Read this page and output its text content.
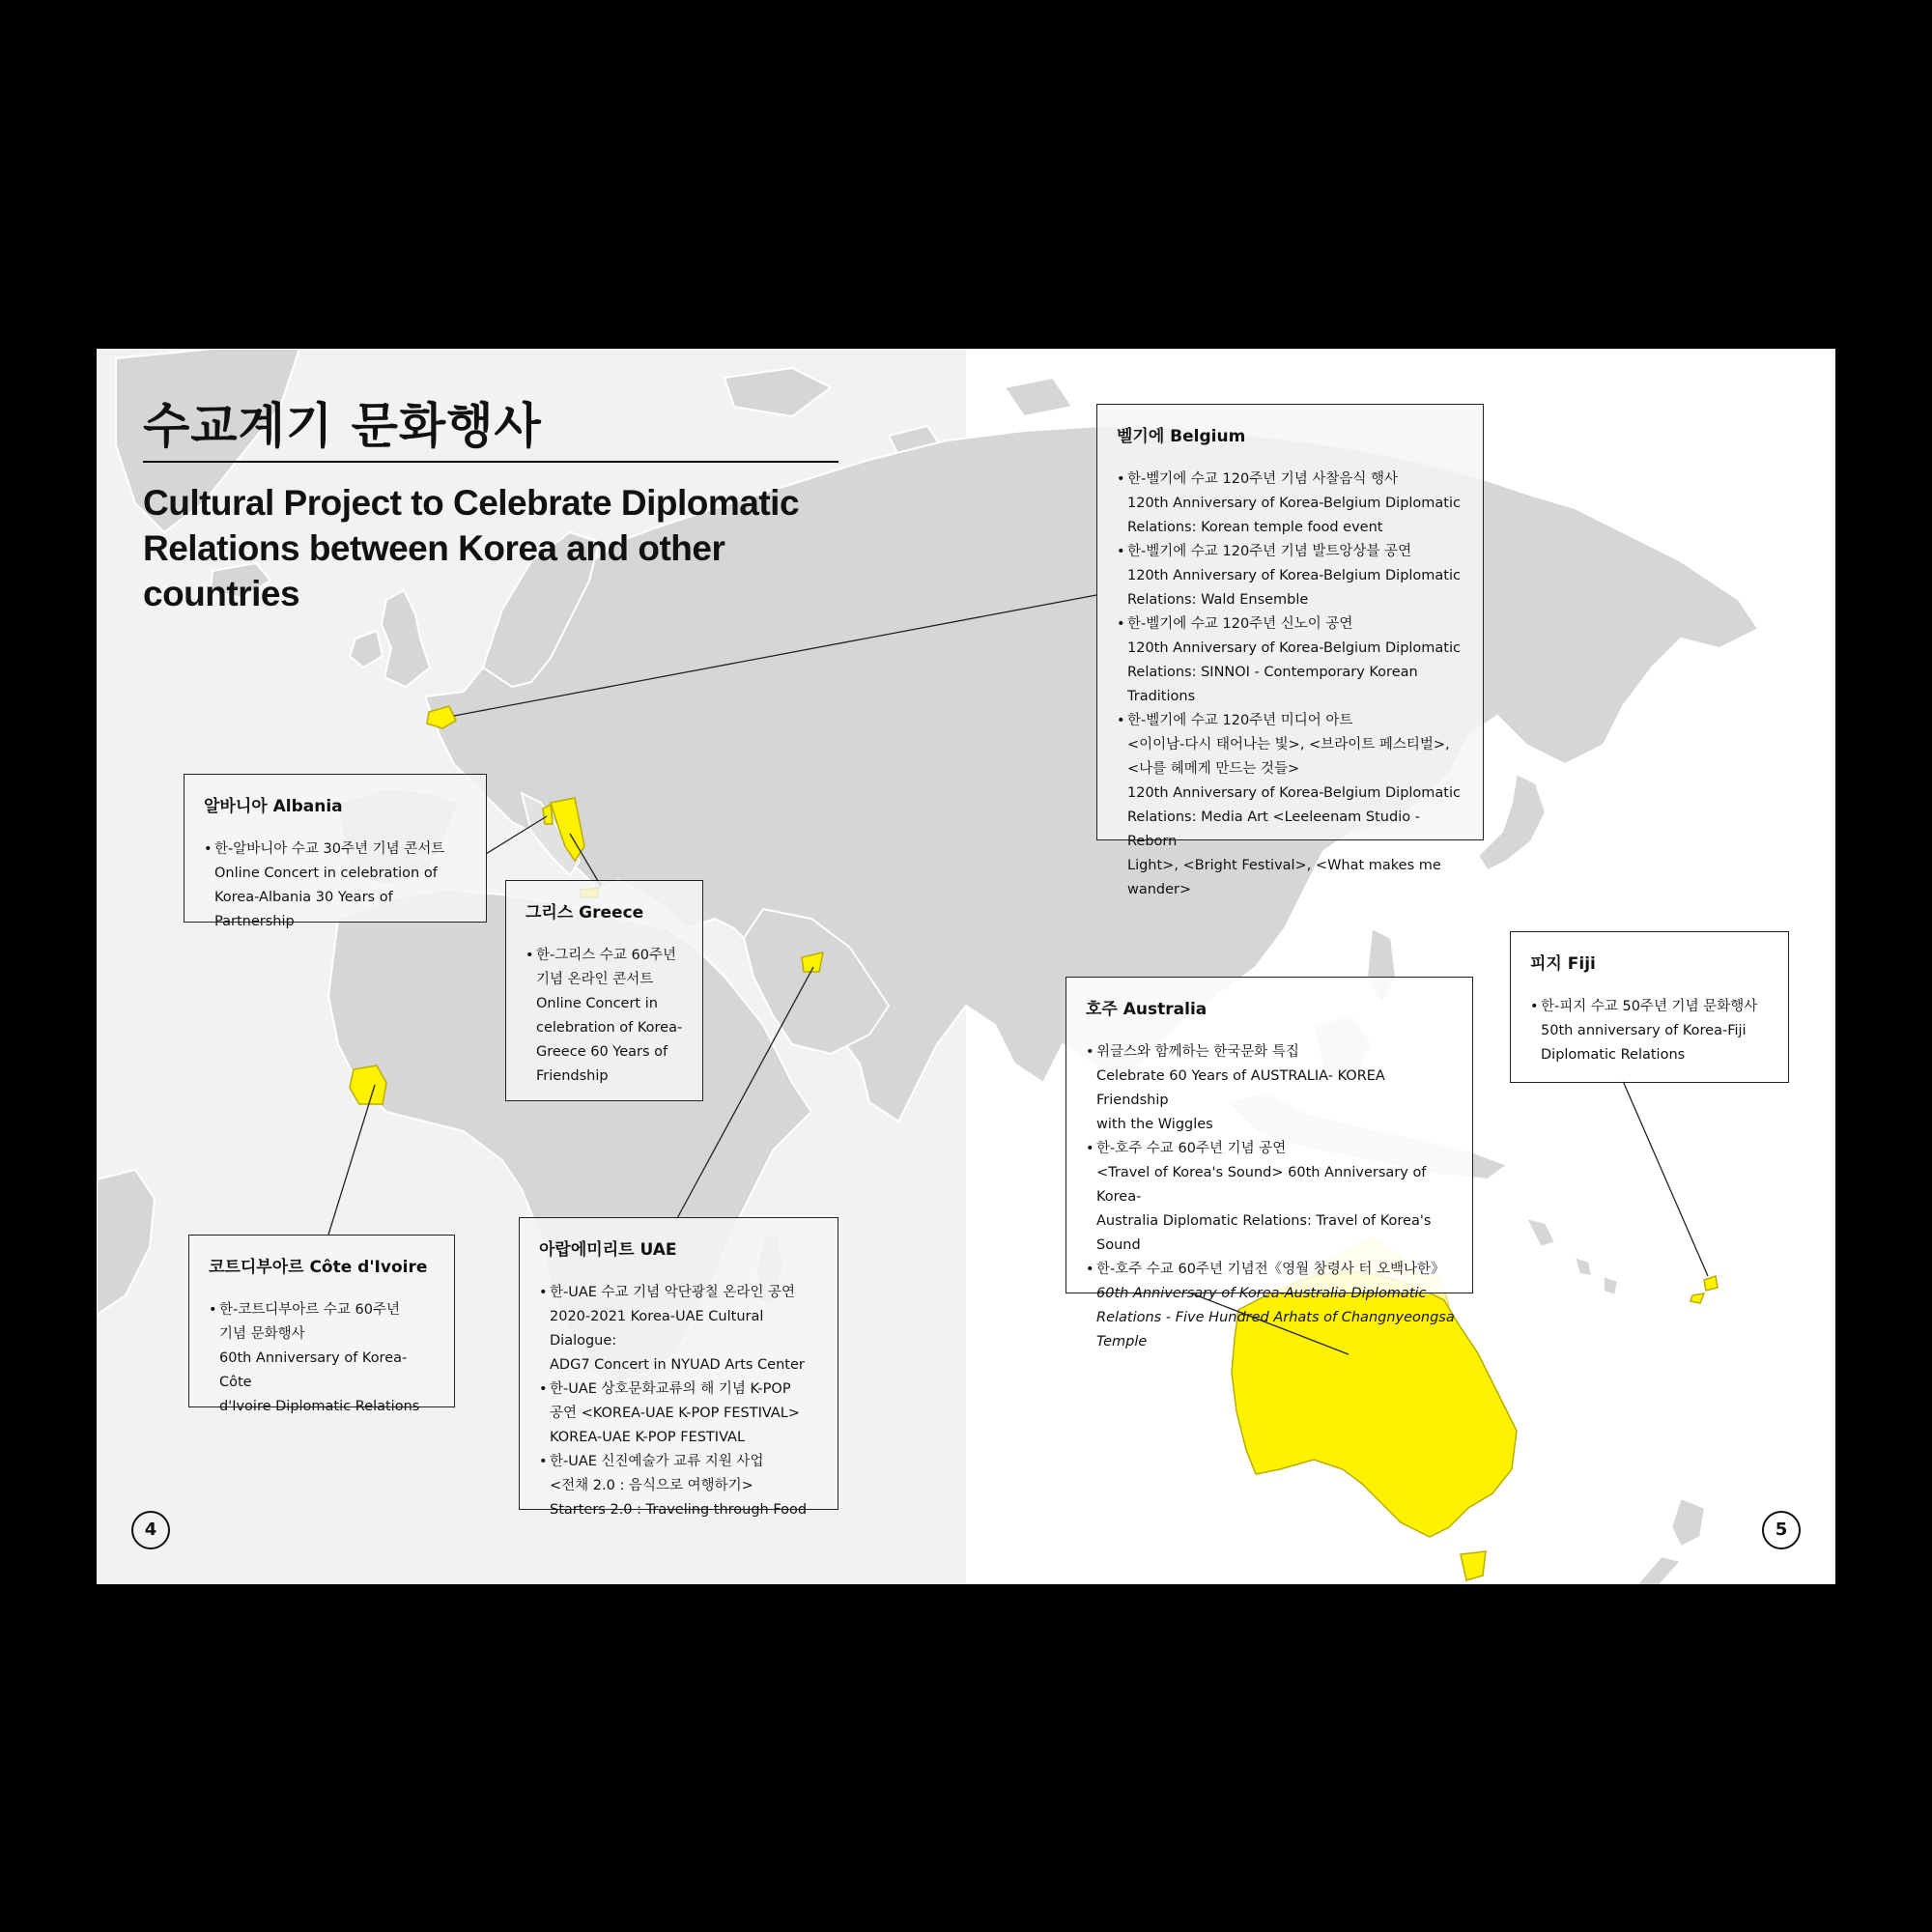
수교계기 문화행사
Cultural Project to Celebrate Diplomatic Relations between Korea and other countries
벨기에 Belgium
• 한-벨기에 수교 120주년 기념 사찰음식 행사
120th Anniversary of Korea-Belgium Diplomatic
Relations: Korean temple food event
• 한-벨기에 수교 120주년 기념 발트앙상블 공연
120th Anniversary of Korea-Belgium Diplomatic
Relations: Wald Ensemble
• 한-벨기에 수교 120주년 신노이 공연
120th Anniversary of Korea-Belgium Diplomatic
Relations: SINNOI - Contemporary Korean Traditions
• 한-벨기에 수교 120주년 미디어 아트
<이이남-다시 태어나는 빛>, <브라이트 페스티벌>,
<나를 헤메게 만드는 것들>
120th Anniversary of Korea-Belgium Diplomatic
Relations: Media Art <Leeleenam Studio - Reborn
Light>, <Bright Festival>, <What makes me wander>
알바니아 Albania
• 한-알바니아 수교 30주년 기념 콘서트
Online Concert in celebration of
Korea-Albania 30 Years of Partnership	그리스 Greece
• 한-그리스 수교 60주년
기념 온라인 콘서트
Online Concert in
celebration of Korea-
Greece 60 Years of
Friendship
코트디부아르 Côte d'Ivoire
• 한-코트디부아르 수교 60주년
기념 문화행사
60th Anniversary of Korea-Côte
d'Ivoire Diplomatic Relations
아랍에미리트 UAE
• 한-UAE 수교 기념 악단광칠 온라인 공연
2020-2021 Korea-UAE Cultural Dialogue:
ADG7 Concert in NYUAD Arts Center
• 한-UAE 상호문화교류의 해 기념 K-POP
공연 <KOREA-UAE K-POP FESTIVAL>
KOREA-UAE K-POP FESTIVAL
• 한-UAE 신진예술가 교류 지원 사업
<전채 2.0 : 음식으로 여행하기>
Starters 2.0 : Traveling through Food
호주 Australia
• 위글스와 함께하는 한국문화 특집
Celebrate 60 Years of AUSTRALIA- KOREA Friendship
with the Wiggles
• 한-호주 수교 60주년 기념 공연
<Travel of Korea's Sound> 60th Anniversary of Korea-
Australia Diplomatic Relations: Travel of Korea's Sound
• 한-호주 수교 60주년 기념전《영월 창령사 터 오백나한》
60th Anniversary of Korea-Australia Diplomatic
Relations - Five Hundred Arhats of Changnyeongsa
Temple
피지 Fiji
• 한-피지 수교 50주년 기념 문화행사
50th anniversary of Korea-Fiji
Diplomatic Relations
4	5
